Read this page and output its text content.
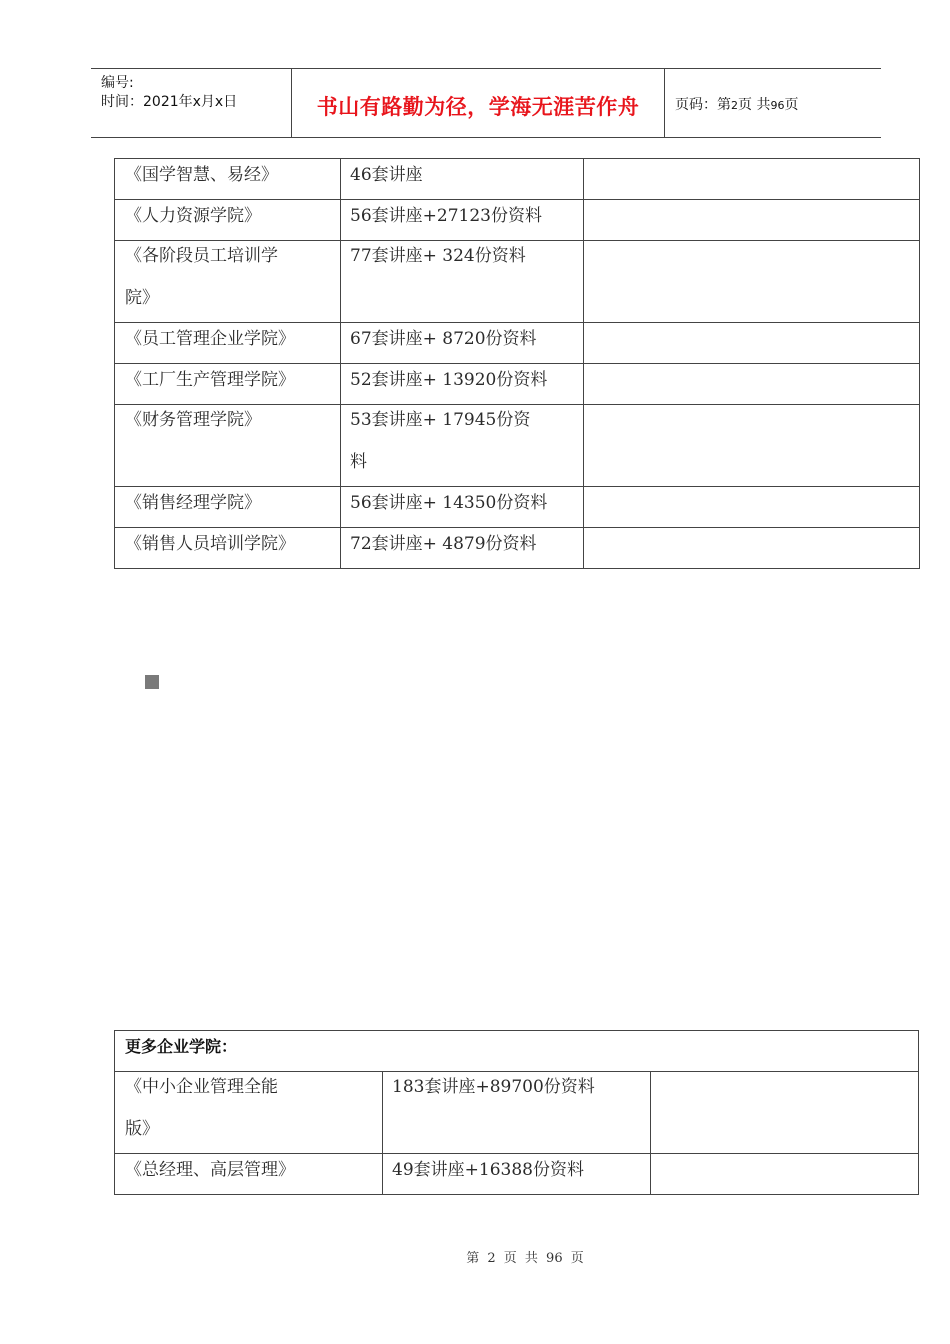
编号:
时间：2021年x月x日	书山有路勤为径，学海无涯苦作舟	页码：第2页 共96页
《国学智慧、易经》	46套讲座	
《人力资源学院》	56套讲座+27123份资料	

《各阶段员工培训学
院》	77套讲座+ 324份资料	

《员工管理企业学院》	67套讲座+ 8720份资料	
《工厂生产管理学院》	52套讲座+ 13920份资料	

《财务管理学院》	53套讲座+ 17945份资
料	

《销售经理学院》	56套讲座+ 14350份资料	
《销售人员培训学院》	72套讲座+ 4879份资料	
更多企业学院：		

《中小企业管理全能
版》	183套讲座+89700份资料	

《总经理、高层管理》	49套讲座+16388份资料	
第 2 页 共 96 页
